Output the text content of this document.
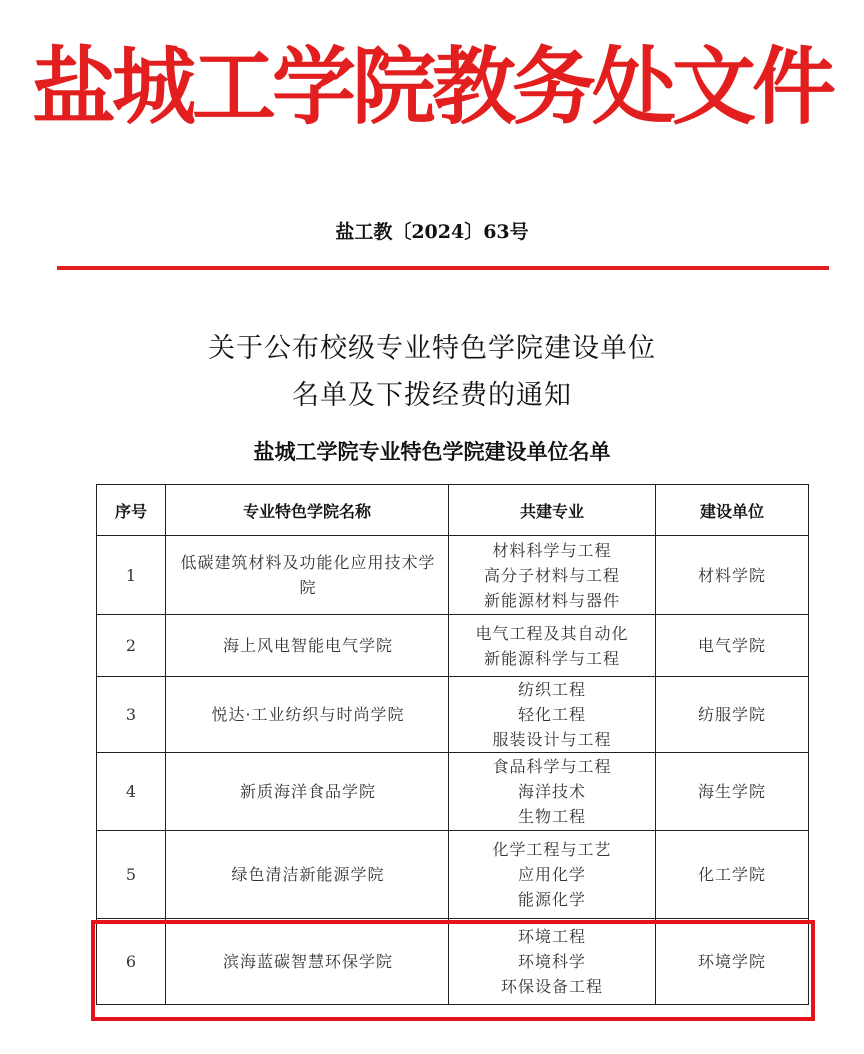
盐城工学院教务处文件
盐工教〔2024〕63号
关于公布校级专业特色学院建设单位
名单及下拨经费的通知
盐城工学院专业特色学院建设单位名单
序号	专业特色学院名称	共建专业	建设单位
1	低碳建筑材料及功能化应用技术学院	材料科学与工程
高分子材料与工程
新能源材料与器件	材料学院
2	海上风电智能电气学院	电气工程及其自动化
新能源科学与工程	电气学院
3	悦达·工业纺织与时尚学院	纺织工程
轻化工程
服装设计与工程	纺服学院
4	新质海洋食品学院	食品科学与工程
海洋技术
生物工程	海生学院
5	绿色清洁新能源学院	化学工程与工艺
应用化学
能源化学	化工学院
6	滨海蓝碳智慧环保学院	环境工程
环境科学
环保设备工程	环境学院
